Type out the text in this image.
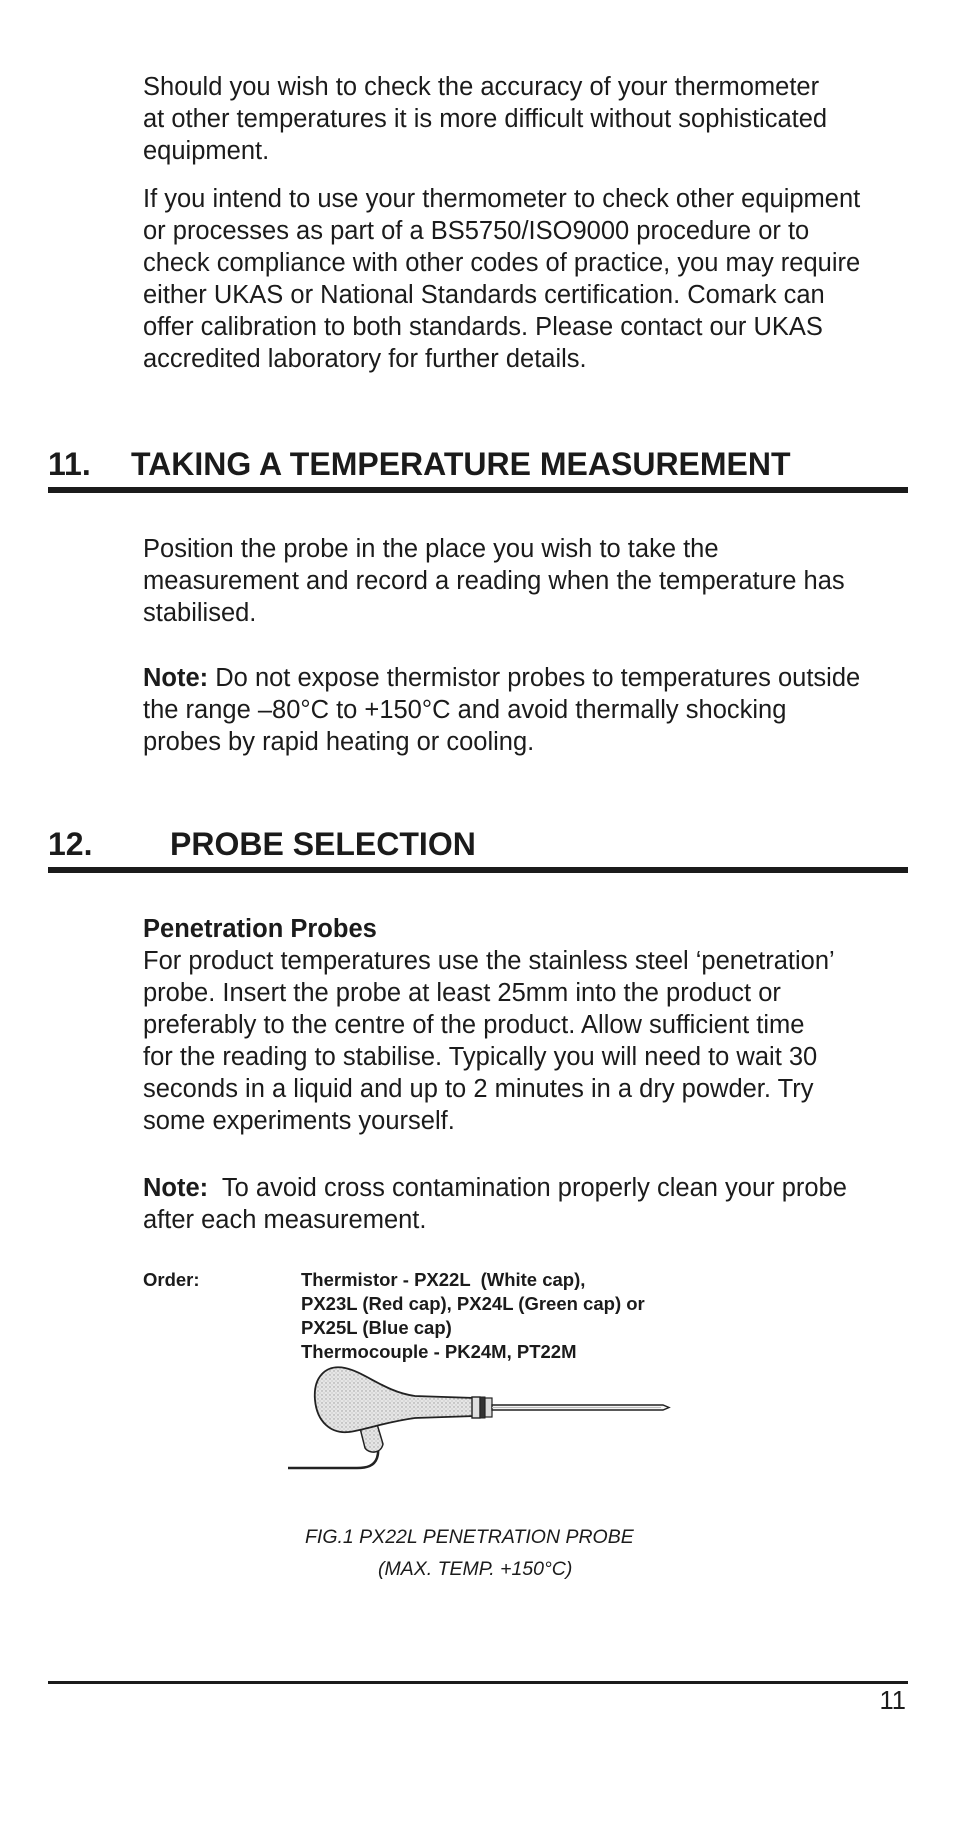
Should you wish to check the accuracy of your thermometer
at other temperatures it is more difficult without sophisticated
equipment.

If you intend to use your thermometer to check other equipment
or processes as part of a BS5750/ISO9000 procedure or to
check compliance with other codes of practice, you may require
either UKAS or National Standards certification. Comark can
offer calibration to both standards. Please contact our UKAS
accredited laboratory for further details.

11. TAKING A TEMPERATURE MEASUREMENT

Position the probe in the place you wish to take the
measurement and record a reading when the temperature has
stabilised.

Note: Do not expose thermistor probes to temperatures outside
the range –80°C to +150°C and avoid thermally shocking
probes by rapid heating or cooling.

12. PROBE SELECTION

Penetration Probes

For product temperatures use the stainless steel ‘penetration’
probe. Insert the probe at least 25mm into the product or
preferably to the centre of the product. Allow sufficient time
for the reading to stabilise. Typically you will need to wait 30
seconds in a liquid and up to 2 minutes in a dry powder. Try
some experiments yourself.

Note:  To avoid cross contamination properly clean your probe
after each measurement.

Order:	Thermistor - PX22L  (White cap),
PX23L (Red cap), PX24L (Green cap) or
PX25L (Blue cap)
Thermocouple - PK24M, PT22M
FIG.1 PX22L PENETRATION PROBE
(MAX. TEMP. +150°C)
11
